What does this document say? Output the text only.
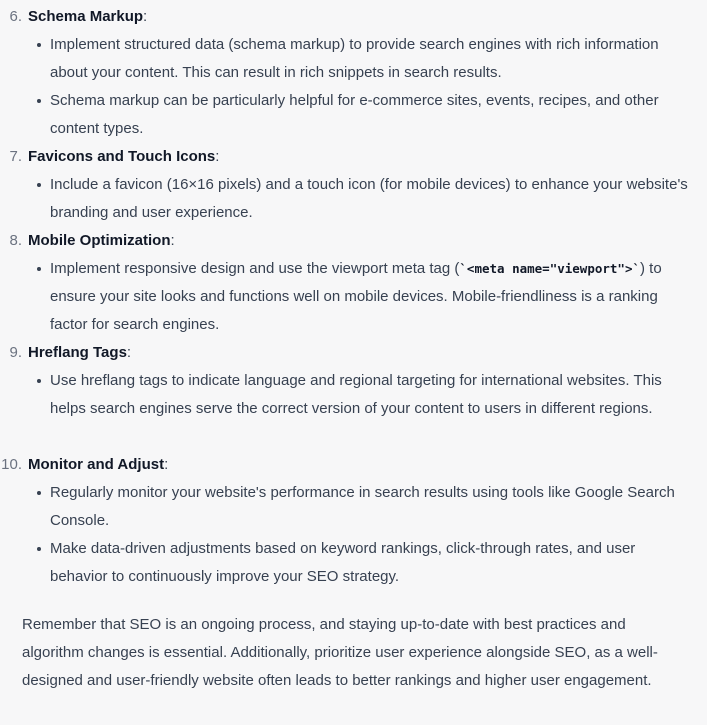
6. Schema Markup:
Implement structured data (schema markup) to provide search engines with rich information about your content. This can result in rich snippets in search results.
Schema markup can be particularly helpful for e-commerce sites, events, recipes, and other content types.
7. Favicons and Touch Icons:
Include a favicon (16×16 pixels) and a touch icon (for mobile devices) to enhance your website's branding and user experience.
8. Mobile Optimization:
Implement responsive design and use the viewport meta tag (`<meta name="viewport">`) to ensure your site looks and functions well on mobile devices. Mobile-friendliness is a ranking factor for search engines.
9. Hreflang Tags:
Use hreflang tags to indicate language and regional targeting for international websites. This helps search engines serve the correct version of your content to users in different regions.
10. Monitor and Adjust:
Regularly monitor your website's performance in search results using tools like Google Search Console.
Make data-driven adjustments based on keyword rankings, click-through rates, and user behavior to continuously improve your SEO strategy.
Remember that SEO is an ongoing process, and staying up-to-date with best practices and algorithm changes is essential. Additionally, prioritize user experience alongside SEO, as a well-designed and user-friendly website often leads to better rankings and higher user engagement.
